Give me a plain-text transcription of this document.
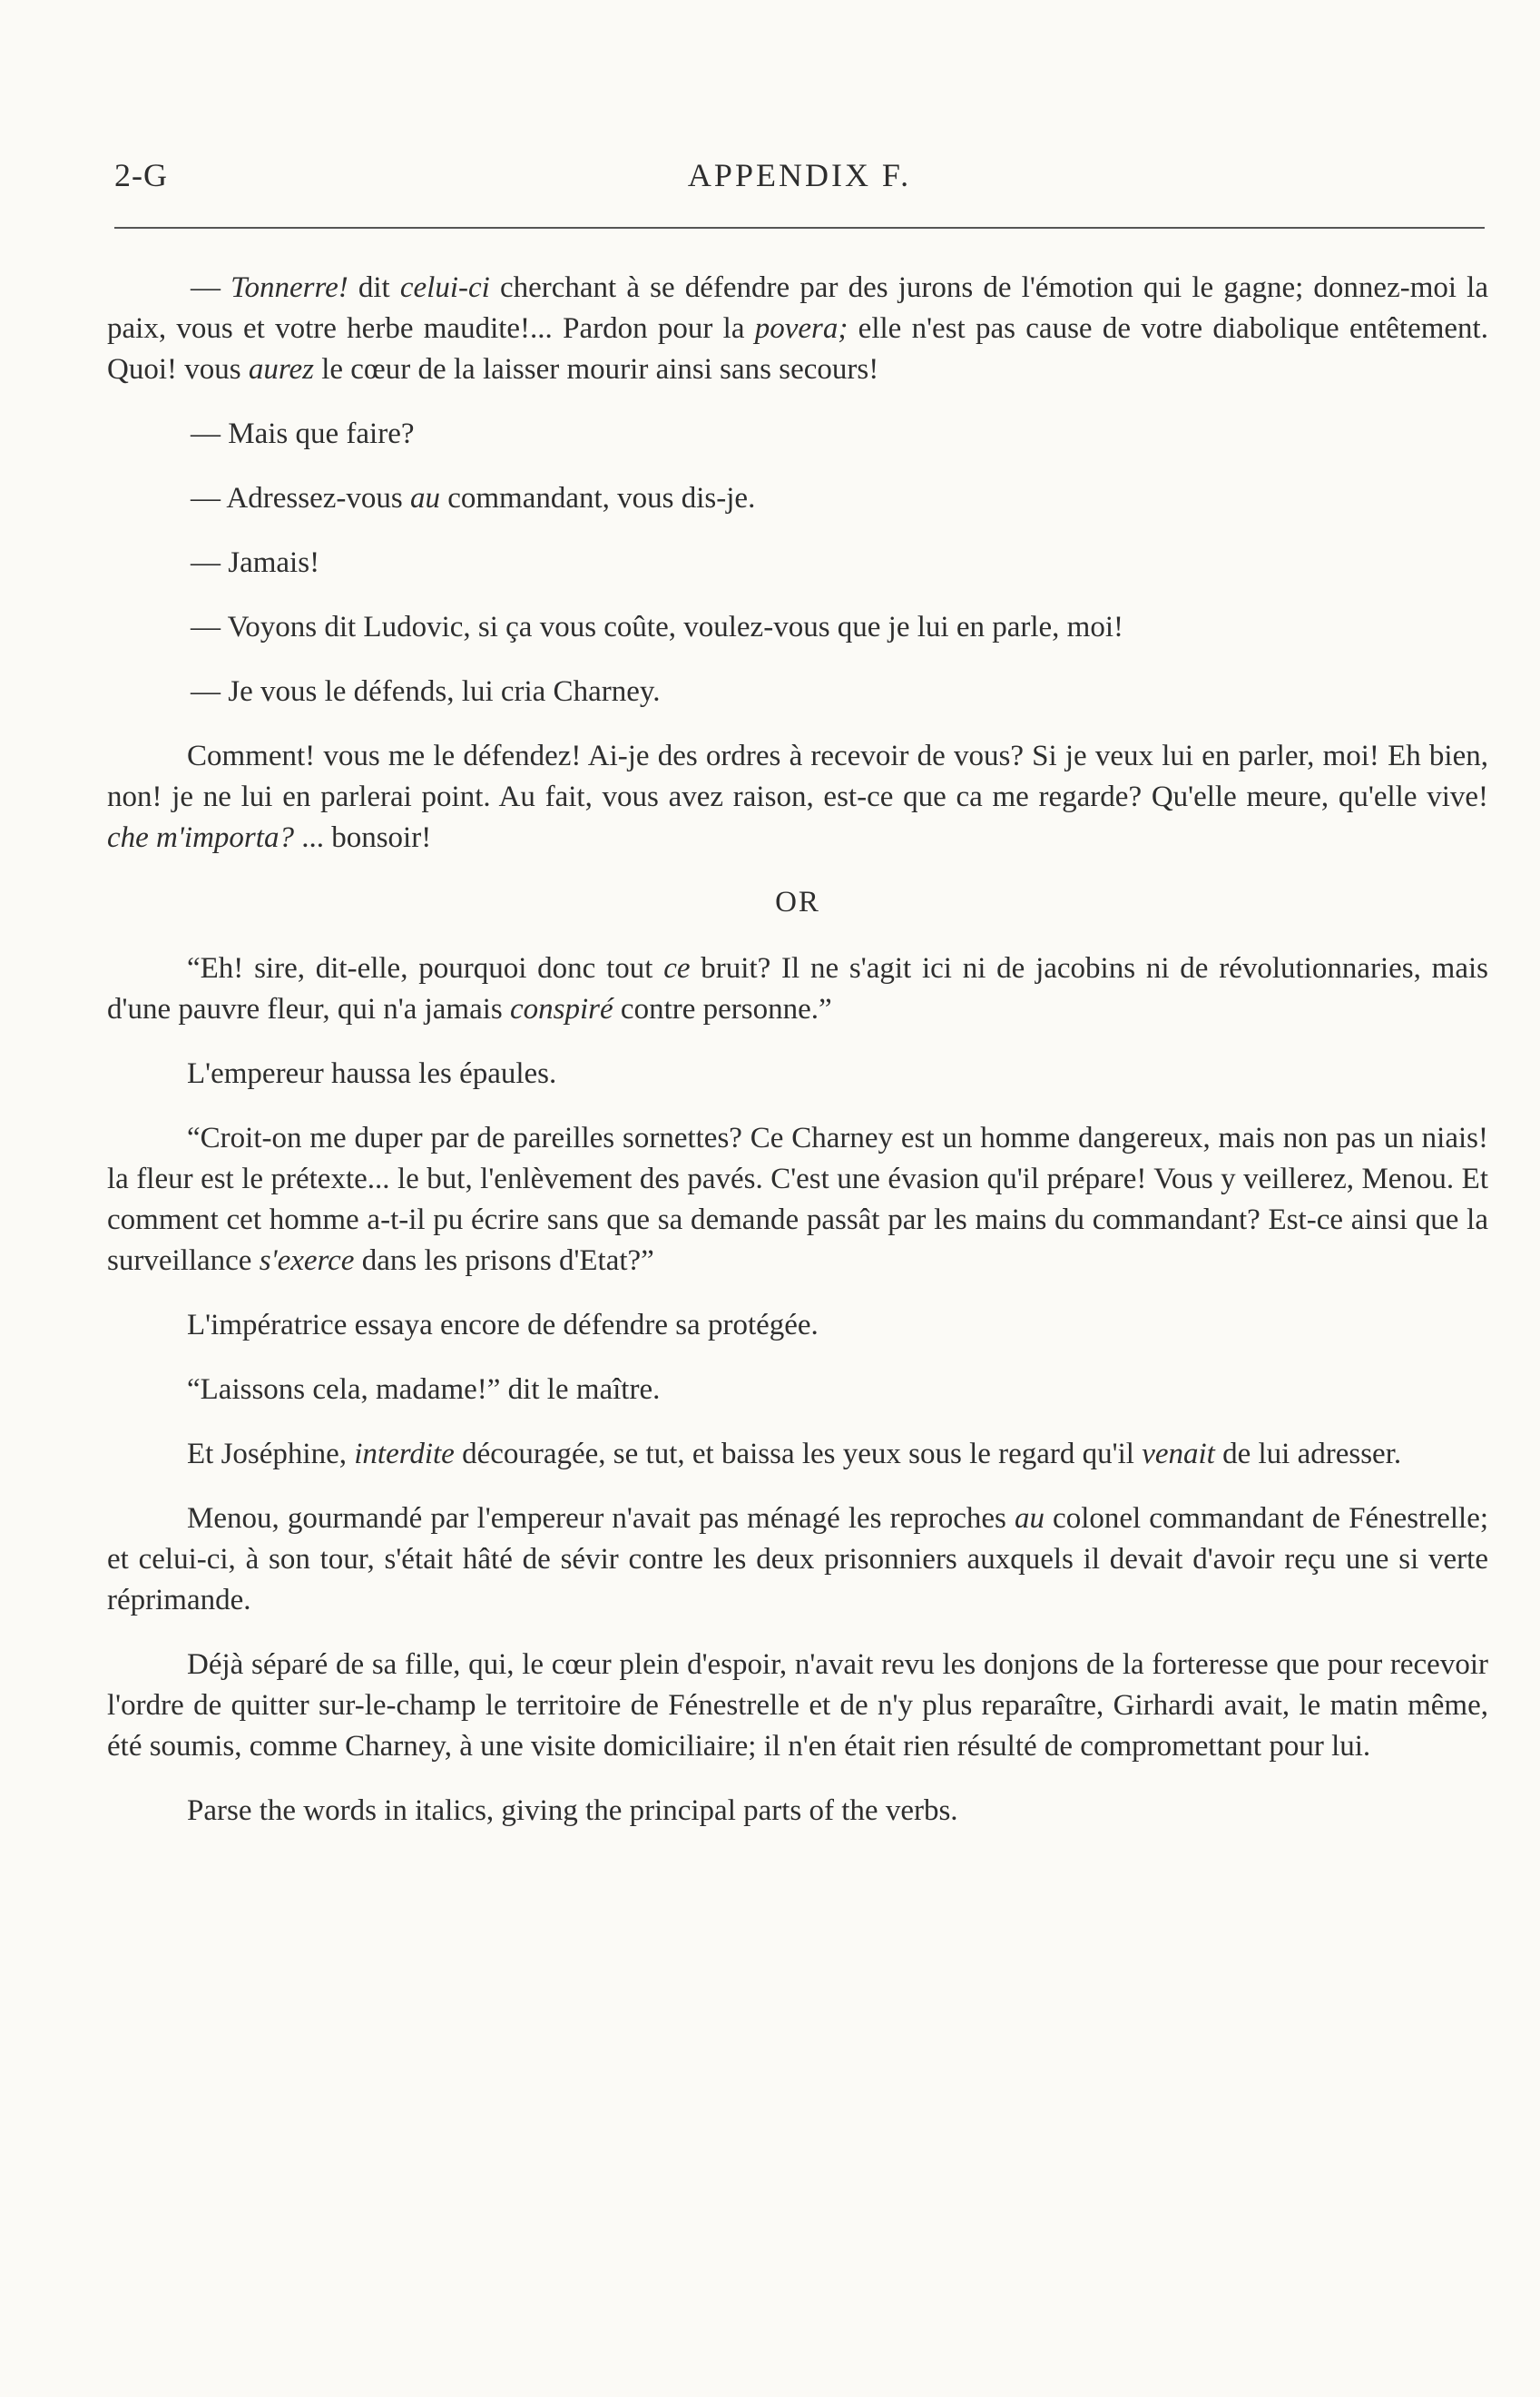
APPENDIX F.
2-G

— Tonnerre! dit celui-ci cherchant à se défendre par des jurons de l'émotion qui le gagne; donnez-moi la paix, vous et votre herbe maudite!... Pardon pour la povera; elle n'est pas cause de votre diabolique entêtement. Quoi! vous aurez le cœur de la laisser mourir ainsi sans secours!

— Mais que faire?

— Adressez-vous au commandant, vous dis-je.

— Jamais!

— Voyons dit Ludovic, si ça vous coûte, voulez-vous que je lui en parle, moi!

— Je vous le défends, lui cria Charney.

Comment! vous me le défendez! Ai-je des ordres à recevoir de vous? Si je veux lui en parler, moi! Eh bien, non! je ne lui en parlerai point. Au fait, vous avez raison, est-ce que ca me regarde? Qu'elle meure, qu'elle vive! che m'importa? ... bonsoir!

OR

“Eh! sire, dit-elle, pourquoi donc tout ce bruit? Il ne s'agit ici ni de jacobins ni de révolutionnaries, mais d'une pauvre fleur, qui n'a jamais conspiré contre personne.”

L'empereur haussa les épaules.

“Croit-on me duper par de pareilles sornettes? Ce Charney est un homme dangereux, mais non pas un niais! la fleur est le prétexte... le but, l'enlèvement des pavés. C'est une évasion qu'il prépare! Vous y veillerez, Menou. Et comment cet homme a-t-il pu écrire sans que sa demande passât par les mains du commandant? Est-ce ainsi que la surveillance s'exerce dans les prisons d'Etat?”

L'impératrice essaya encore de défendre sa protégée.

“Laissons cela, madame!” dit le maître.

Et Joséphine, interdite découragée, se tut, et baissa les yeux sous le regard qu'il venait de lui adresser.

Menou, gourmandé par l'empereur n'avait pas ménagé les reproches au colonel commandant de Fénestrelle; et celui-ci, à son tour, s'était hâté de sévir contre les deux prisonniers auxquels il devait d'avoir reçu une si verte réprimande.

Déjà séparé de sa fille, qui, le cœur plein d'espoir, n'avait revu les donjons de la forteresse que pour recevoir l'ordre de quitter sur-le-champ le territoire de Fénestrelle et de n'y plus reparaître, Girhardi avait, le matin même, été soumis, comme Charney, à une visite domiciliaire; il n'en était rien résulté de compromettant pour lui.

Parse the words in italics, giving the principal parts of the verbs.
